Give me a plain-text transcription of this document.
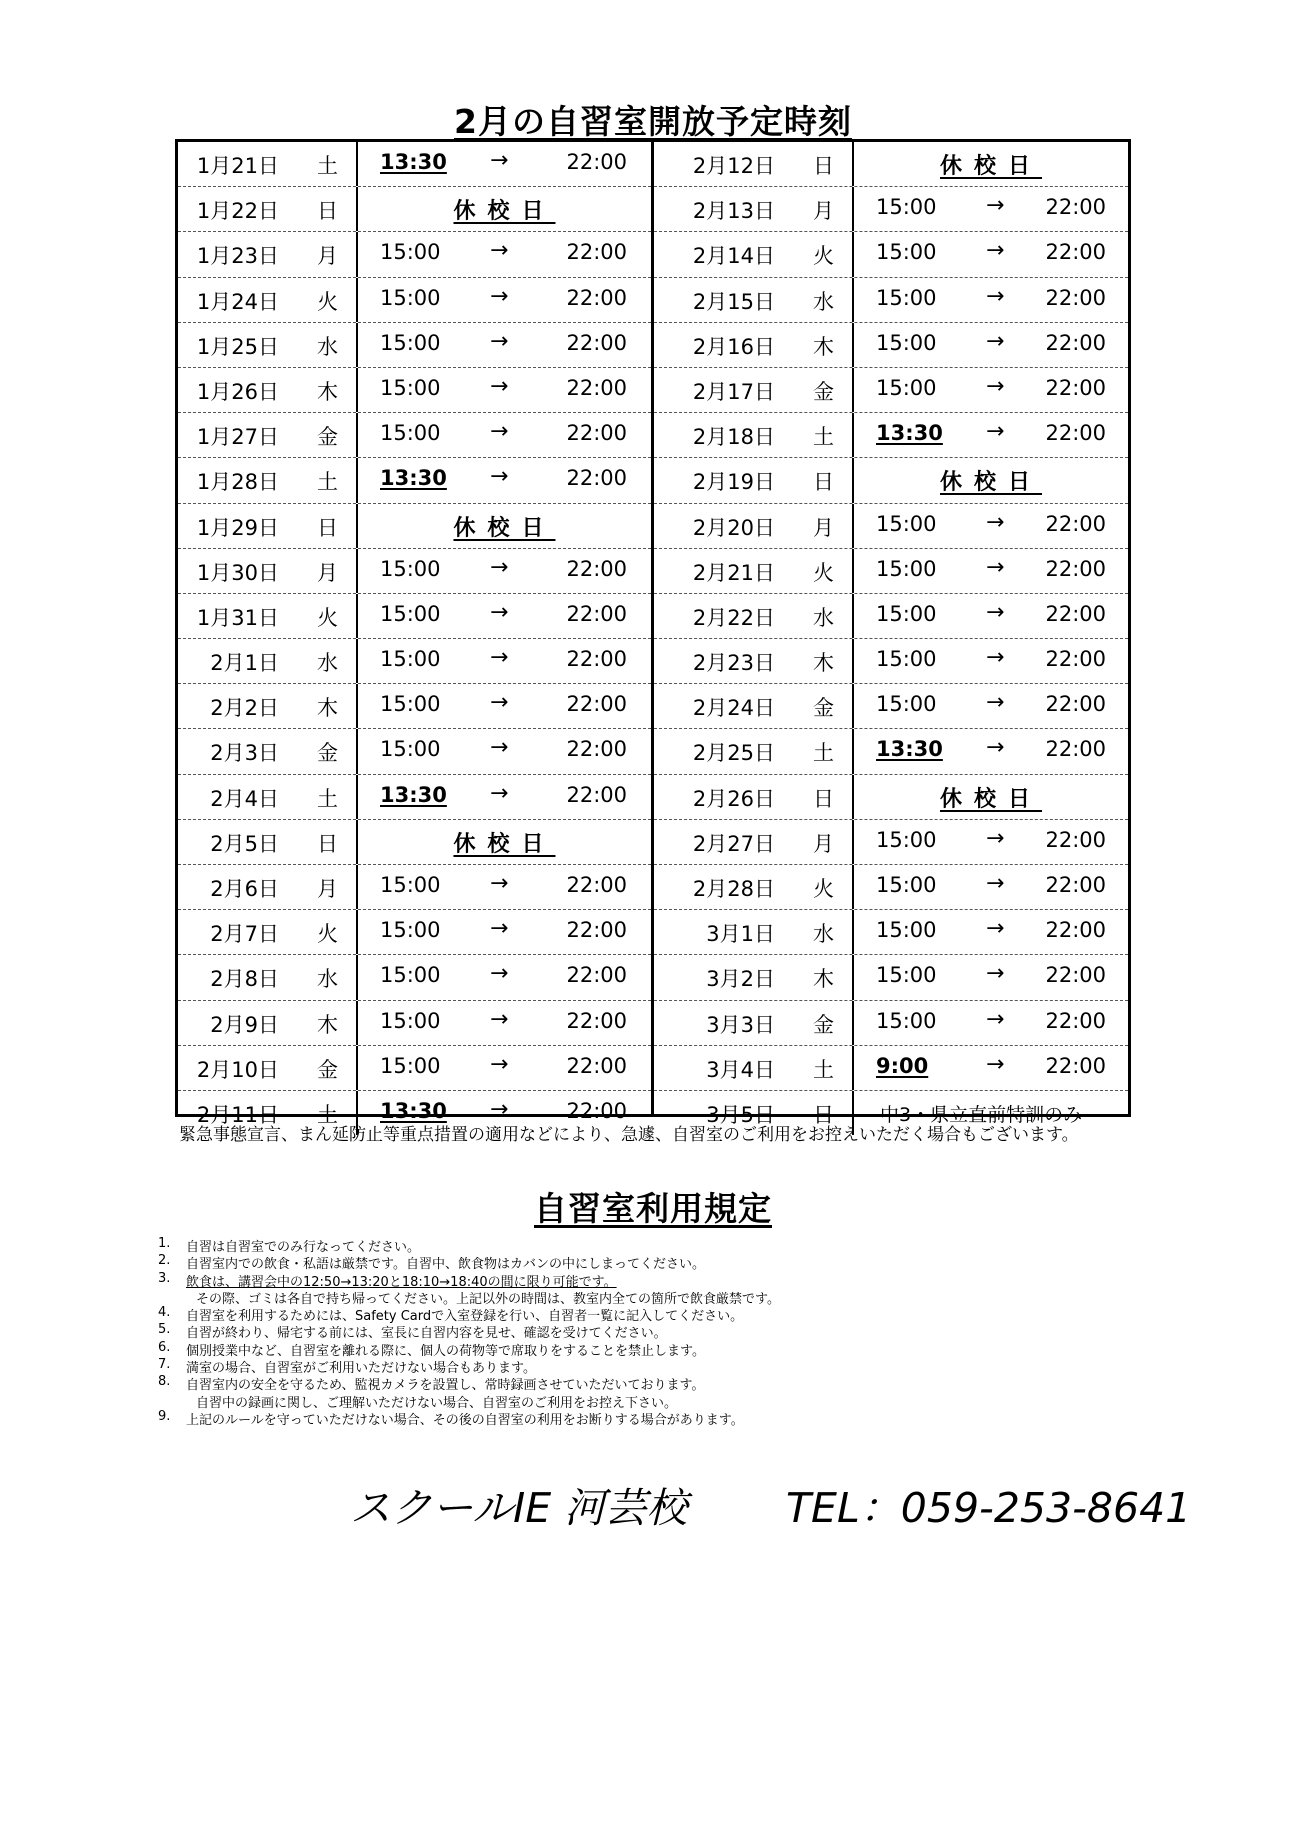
2月の自習室開放予定時刻
1月21日 土 13:30 →	22:00
1月22日 日	休校日
1月23日 月 15:00 →	22:00
1月24日 火 15:00 →	22:00
1月25日 水 15:00 →	22:00
1月26日 木 15:00 →	22:00
1月27日 金 15:00 →	22:00
1月28日 土 13:30 →	22:00
1月29日 日	休校日
1月30日 月 15:00 →	22:00
1月31日 火 15:00 →	22:00
2月1日 水 15:00 →	22:00
2月2日 木 15:00 →	22:00
2月3日 金 15:00 →	22:00
2月4日 土 13:30 →	22:00
2月5日 日	休校日
2月6日 月 15:00 →	22:00
2月7日 火 15:00 →	22:00
2月8日 水 15:00 →	22:00
2月9日 木 15:00 →	22:00
2月10日 金 15:00 →	22:00
2月11日 土 13:30 →	22:00
2月12日 日	休校日
2月13日 月 15:00 → 22:00
2月14日 火 15:00 → 22:00
2月15日 水 15:00 → 22:00
2月16日 木 15:00 → 22:00
2月17日 金 15:00 → 22:00
2月18日 土 13:30 → 22:00
2月19日 日	休校日
2月20日 月 15:00 → 22:00
2月21日 火 15:00 → 22:00
2月22日 水 15:00 → 22:00
2月23日 木 15:00 → 22:00
2月24日 金 15:00 → 22:00
2月25日 土 13:30 → 22:00
2月26日 日	休校日
2月27日 月 15:00 → 22:00
2月28日 火 15:00 → 22:00
3月1日 水 15:00 → 22:00
3月2日 木 15:00 → 22:00
3月3日 金 15:00 → 22:00
3月4日 土 9:00	→ 22:00
3月5日 日 中3・県立直前特訓のみ
緊急事態宣言、まん延防止等重点措置の適用などにより、急遽、自習室のご利用をお控えいただく場合もございます。
自習室利用規定
1.	自習は自習室でのみ行なってください。
2.	自習室内での飲食・私語は厳禁です。自習中、飲食物はカバンの中にしまってください。
3.	飲食は、講習会中の12:50→13:20と18:10→18:40の間に限り可能です。
その際、ゴミは各自で持ち帰ってください。上記以外の時間は、教室内全ての箇所で飲食厳禁です。
4.	自習室を利用するためには、Safety Cardで入室登録を行い、自習者一覧に記入してください。
5.	自習が終わり、帰宅する前には、室長に自習内容を見せ、確認を受けてください。
6.	個別授業中など、自習室を離れる際に、個人の荷物等で席取りをすることを禁止します。
7.	満室の場合、自習室がご利用いただけない場合もあります。
8.	自習室内の安全を守るため、監視カメラを設置し、常時録画させていただいております。
自習中の録画に関し、ご理解いただけない場合、自習室のご利用をお控え下さい。
9.	上記のルールを守っていただけない場合、その後の自習室の利用をお断りする場合があります。
スクールIE 河芸校 TEL：059-253-8641
